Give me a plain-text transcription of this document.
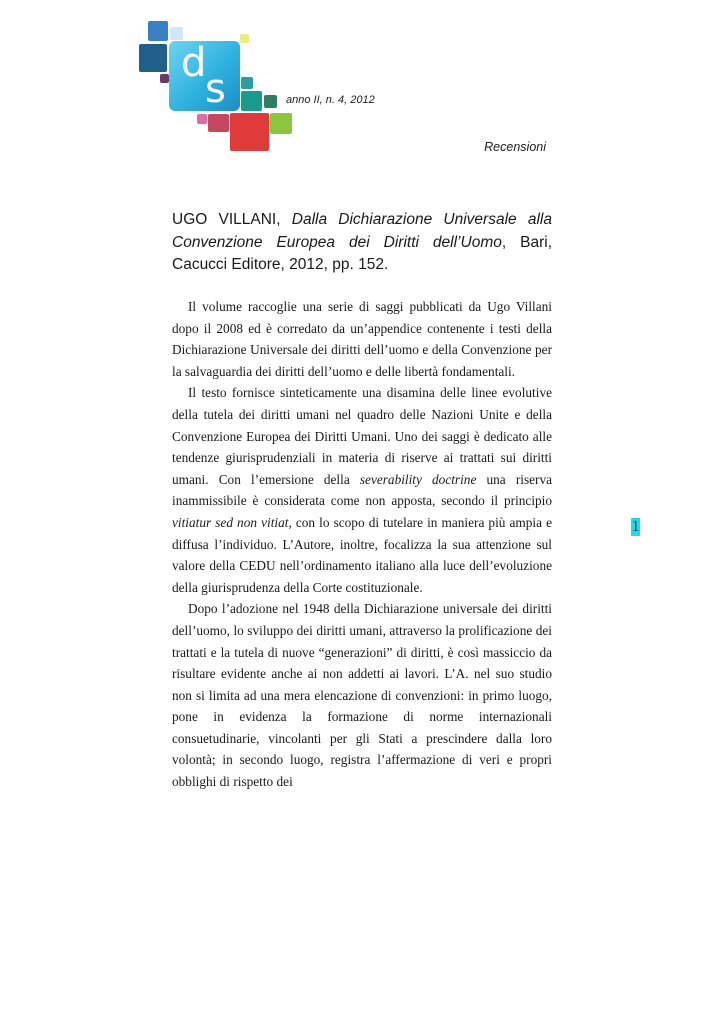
d
s	anno II, n. 4, 2012
Recensioni
UGO VILLANI, Dalla Dichiarazione Universale alla Convenzione Europea dei Diritti dell’Uomo, Bari, Cacucci Editore, 2012, pp. 152.

Il volume raccoglie una serie di saggi pubblicati da Ugo Villani dopo il 2008 ed è corredato da un’appendice contenente i testi della Dichiarazione Universale dei diritti dell’uomo e della Convenzione per la salvaguardia dei diritti dell’uomo e delle libertà fondamentali.

Il testo fornisce sinteticamente una disamina delle linee evolutive della tutela dei diritti umani nel quadro delle Nazioni Unite e della Convenzione Europea dei Diritti Umani. Uno dei saggi è dedicato alle tendenze giurisprudenziali in materia di riserve ai trattati sui diritti umani. Con l’emersione della severability doctrine una riserva inammissibile è considerata come non apposta, secondo il principio vitiatur sed non vitiat, con lo scopo di tutelare in maniera più ampia e diffusa l’individuo. L’Autore, inoltre, focalizza la sua attenzione sul valore della CEDU nell’ordinamento italiano alla luce dell’evoluzione della giurisprudenza della Corte costituzionale.

Dopo l’adozione nel 1948 della Dichiarazione universale dei diritti dell’uomo, lo sviluppo dei diritti umani, attraverso la prolificazione dei trattati e la tutela di nuove “generazioni” di diritti, è così massiccio da risultare evidente anche ai non addetti ai lavori. L’A. nel suo studio non si limita ad una mera elencazione di convenzioni: in primo luogo, pone in evidenza la formazione di norme internazionali consuetudinarie, vincolanti per gli Stati a prescindere dalla loro volontà; in secondo luogo, registra l’affermazione di veri e propri obblighi di rispetto dei

1
